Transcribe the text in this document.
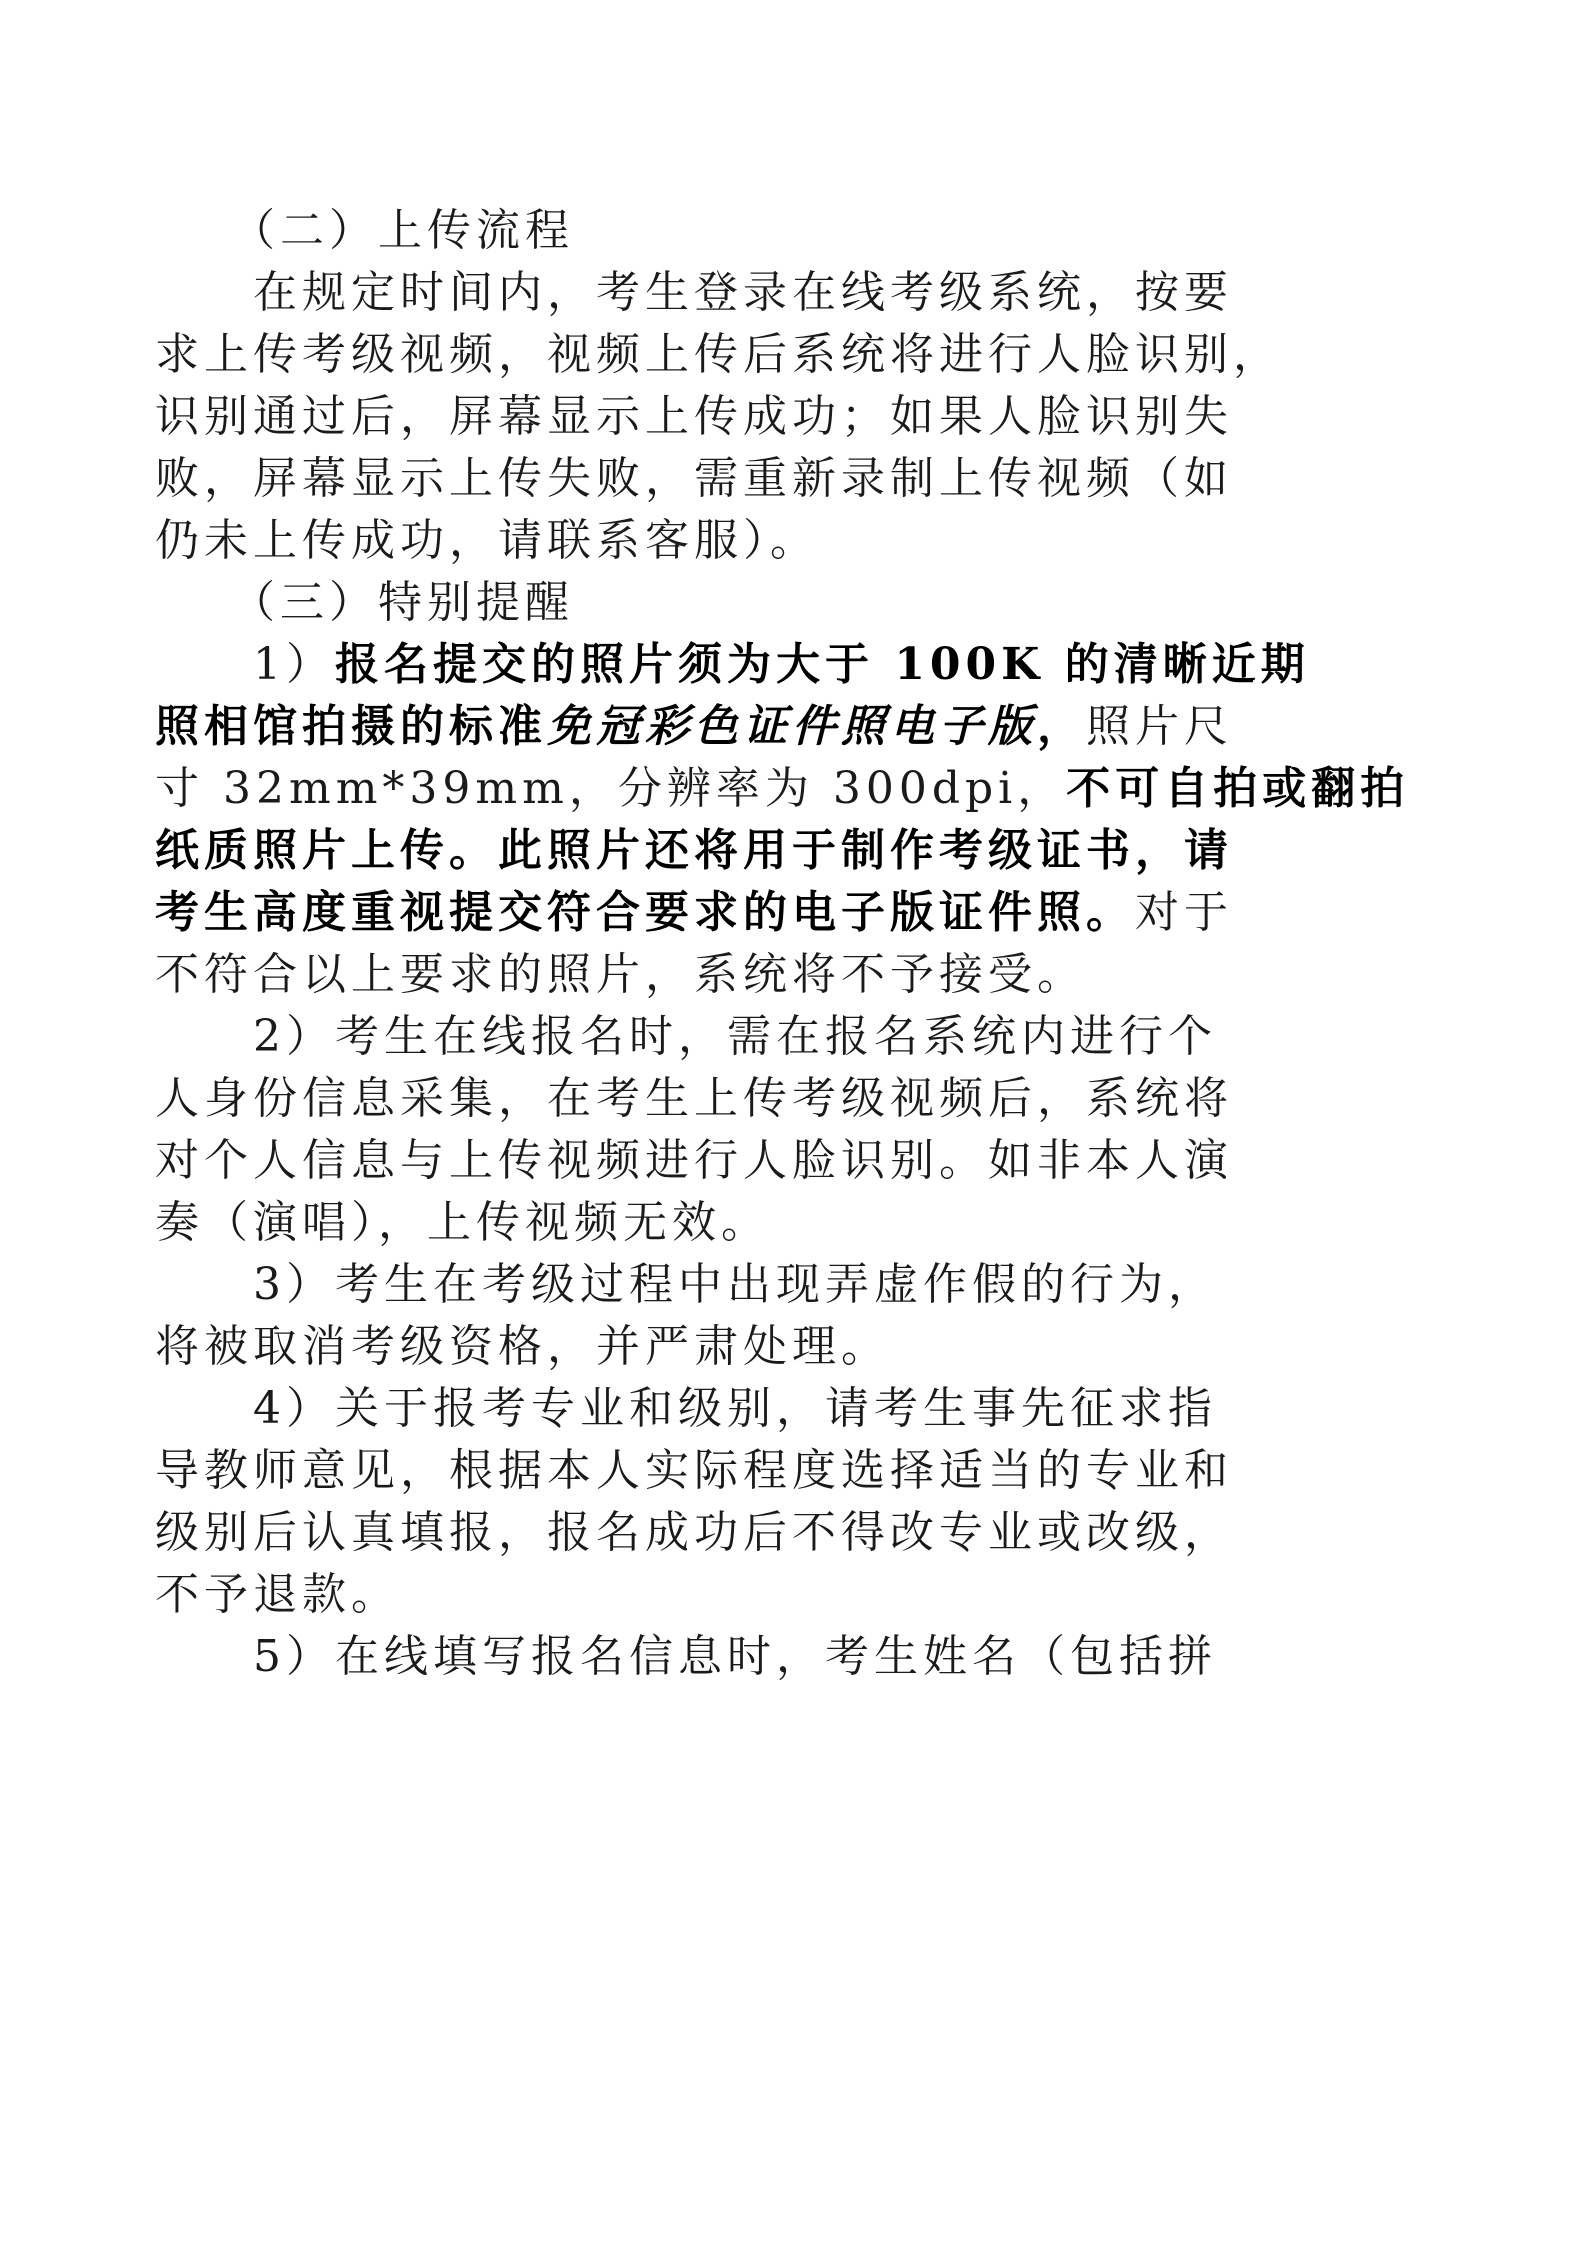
　　（二）上传流程
　　在规定时间内，考生登录在线考级系统，按要
求上传考级视频，视频上传后系统将进行人脸识别，
识别通过后，屏幕显示上传成功；如果人脸识别失
败，屏幕显示上传失败，需重新录制上传视频（如
仍未上传成功，请联系客服）。
　　（三）特别提醒
　　1）报名提交的照片须为大于 100K 的清晰近期
照相馆拍摄的标准免冠彩色证件照电子版，照片尺
寸 32mm*39mm，分辨率为 300dpi，不可自拍或翻拍
纸质照片上传。此照片还将用于制作考级证书，请
考生高度重视提交符合要求的电子版证件照。对于
不符合以上要求的照片，系统将不予接受。
　　2）考生在线报名时，需在报名系统内进行个
人身份信息采集，在考生上传考级视频后，系统将
对个人信息与上传视频进行人脸识别。如非本人演
奏（演唱），上传视频无效。
　　3）考生在考级过程中出现弄虚作假的行为，
将被取消考级资格，并严肃处理。
　　4）关于报考专业和级别，请考生事先征求指
导教师意见，根据本人实际程度选择适当的专业和
级别后认真填报，报名成功后不得改专业或改级，
不予退款。
　　5）在线填写报名信息时，考生姓名（包括拼
